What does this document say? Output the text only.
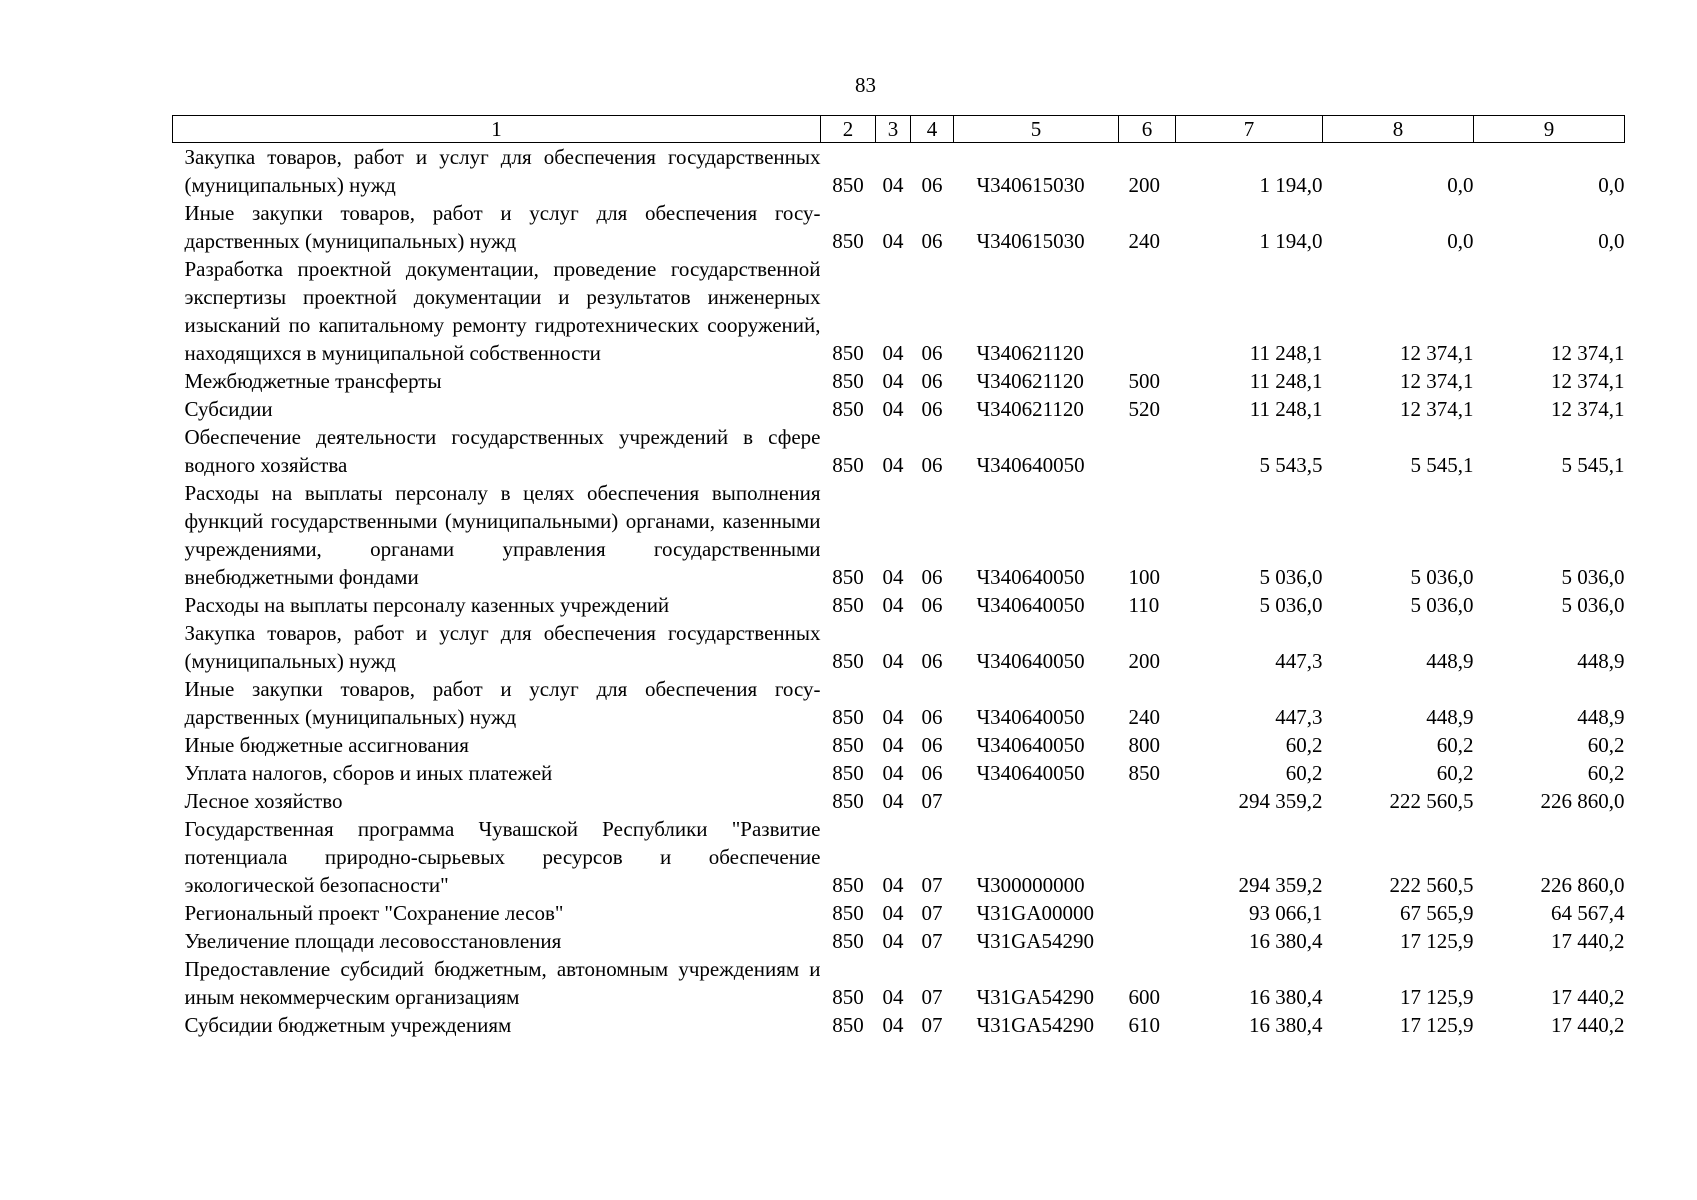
83
1	2	3	4	5	6	7	8	9
Закупка товаров, работ и услуг для обеспечения государственных (муниципальных) нужд	850	04	06	Ч340615030	200	1 194,0	0,0	0,0
Иные закупки товаров, работ и услуг для обеспечения государственных (муниципальных) нужд	850	04	06	Ч340615030	240	1 194,0	0,0	0,0
Разработка проектной документации, проведение государственной экспертизы проектной документации и результатов инженерных изысканий по капитальному ремонту гидротехнических сооружений, находящихся в муниципальной собственности	850	04	06	Ч340621120		11 248,1	12 374,1	12 374,1
Межбюджетные трансферты	850	04	06	Ч340621120	500	11 248,1	12 374,1	12 374,1
Субсидии	850	04	06	Ч340621120	520	11 248,1	12 374,1	12 374,1
Обеспечение деятельности государственных учреждений в сфере водного хозяйства	850	04	06	Ч340640050		5 543,5	5 545,1	5 545,1
Расходы на выплаты персоналу в целях обеспечения выполнения функций государственными (муниципальными) органами, казенными учреждениями, органами управления государственными внебюджетными фондами	850	04	06	Ч340640050	100	5 036,0	5 036,0	5 036,0
Расходы на выплаты персоналу казенных учреждений	850	04	06	Ч340640050	110	5 036,0	5 036,0	5 036,0
Закупка товаров, работ и услуг для обеспечения государственных (муниципальных) нужд	850	04	06	Ч340640050	200	447,3	448,9	448,9
Иные закупки товаров, работ и услуг для обеспечения государственных (муниципальных) нужд	850	04	06	Ч340640050	240	447,3	448,9	448,9
Иные бюджетные ассигнования	850	04	06	Ч340640050	800	60,2	60,2	60,2
Уплата налогов, сборов и иных платежей	850	04	06	Ч340640050	850	60,2	60,2	60,2
Лесное хозяйство	850	04	07			294 359,2	222 560,5	226 860,0
Государственная программа Чувашской Республики "Развитие потенциала природно-сырьевых ресурсов и обеспечение экологической безопасности"	850	04	07	Ч300000000		294 359,2	222 560,5	226 860,0
Региональный проект "Сохранение лесов"	850	04	07	Ч31GA00000		93 066,1	67 565,9	64 567,4
Увеличение площади лесовосстановления	850	04	07	Ч31GA54290		16 380,4	17 125,9	17 440,2
Предоставление субсидий бюджетным, автономным учреждениям и иным некоммерческим организациям	850	04	07	Ч31GA54290	600	16 380,4	17 125,9	17 440,2
Субсидии бюджетным учреждениям	850	04	07	Ч31GA54290	610	16 380,4	17 125,9	17 440,2
